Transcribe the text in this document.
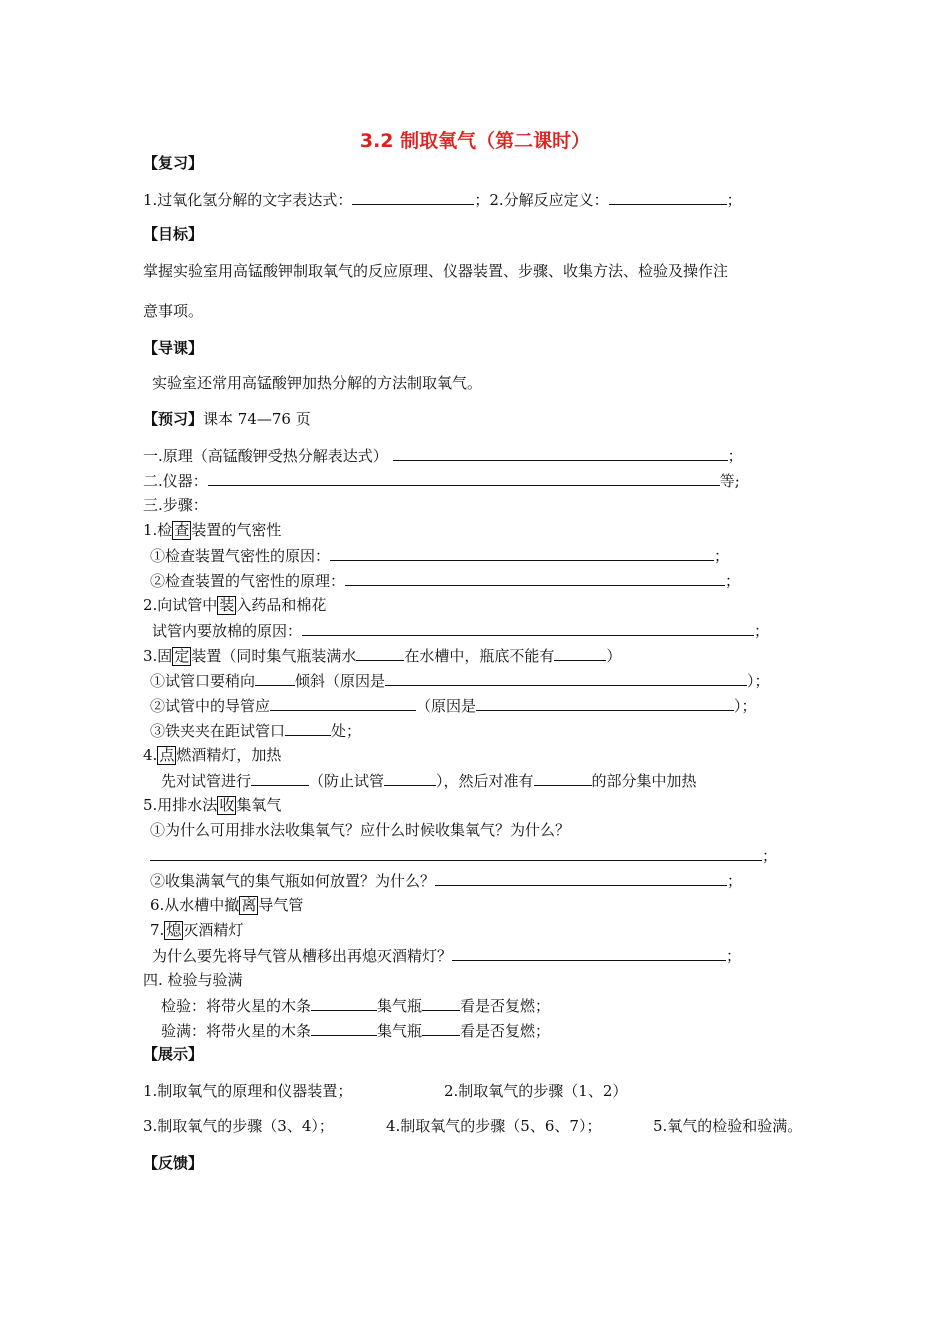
3.2 制取氧气（第二课时）
【复习】
1.过氧化氢分解的文字表达式：	；2.分解反应定义：	；
【目标】
掌握实验室用高锰酸钾制取氧气的反应原理、仪器装置、步骤、收集方法、检验及操作注
意事项。
【导课】
实验室还常用高锰酸钾加热分解的方法制取氧气。
【预习】课本 74—76 页
一.原理（高锰酸钾受热分解表达式）	；
二.仪器：	等;
三.步骤：
1.检 查 装置的气密性
①检查装置气密性的原因：	；
②检查装置的气密性的原理：	；
2.向试管中 装 入药品和棉花
试管内要放棉的原因：	；
3.固 定 装置（同时集气瓶装满水	在水槽中，瓶底不能有	）
①试管口要稍向	倾斜（原因是	）；
②试管中的导管应	（原因是	）；
③铁夹夹在距试管口	处；
4. 点 燃酒精灯，加热
先对试管进行	（防止试管	），然后对准有	的部分集中加热
5.用排水法 收 集氧气
①为什么可用排水法收集氧气？应什么时候收集氧气？为什么？
；
②收集满氧气的集气瓶如何放置？为什么？	；
6.从水槽中撤 离 导气管
7. 熄 灭酒精灯
为什么要先将导气管从槽移出再熄灭酒精灯？	；
四. 检验与验满
检验：将带火星的木条	集气瓶	看是否复燃；
验满：将带火星的木条	集气瓶	看是否复燃；
【展示】
1.制取氧气的原理和仪器装置；	2.制取氧气的步骤（1、2）
3.制取氧气的步骤（3、4）；	4.制取氧气的步骤（5、6、7）；	5.氧气的检验和验满。
【反馈】
